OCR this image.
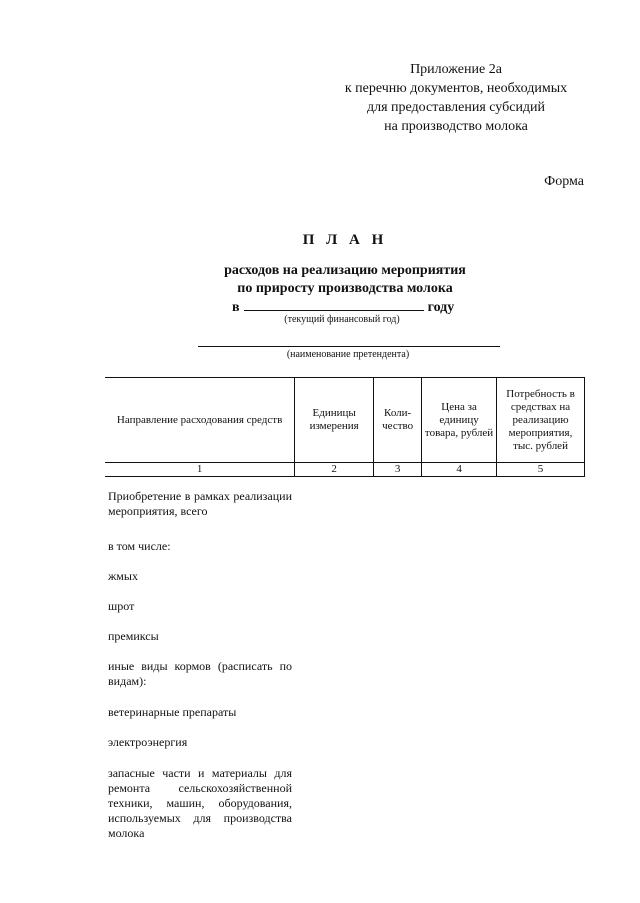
Приложение 2а
к перечню документов, необходимых
для предоставления субсидий
на производство молока
Форма
П Л А Н
расходов на реализацию мероприятия
по приросту производства молока
в	году
(текущий финансовый год)
(наименование претендента)
Направление расходования средств	Единицы измерения	Коли-чество	Цена за единицу товара, рублей	Потребность в средствах на реализацию мероприятия, тыс. рублей
1	2	3	4	5
Приобретение в рамках реализации мероприятия, всего
в том числе:
жмых
шрот
премиксы
иные виды кормов (расписать по видам):
ветеринарные препараты
электроэнергия
запасные части и материалы для ремонта сельскохозяйственной техники, машин, оборудования, используемых для производства молока
